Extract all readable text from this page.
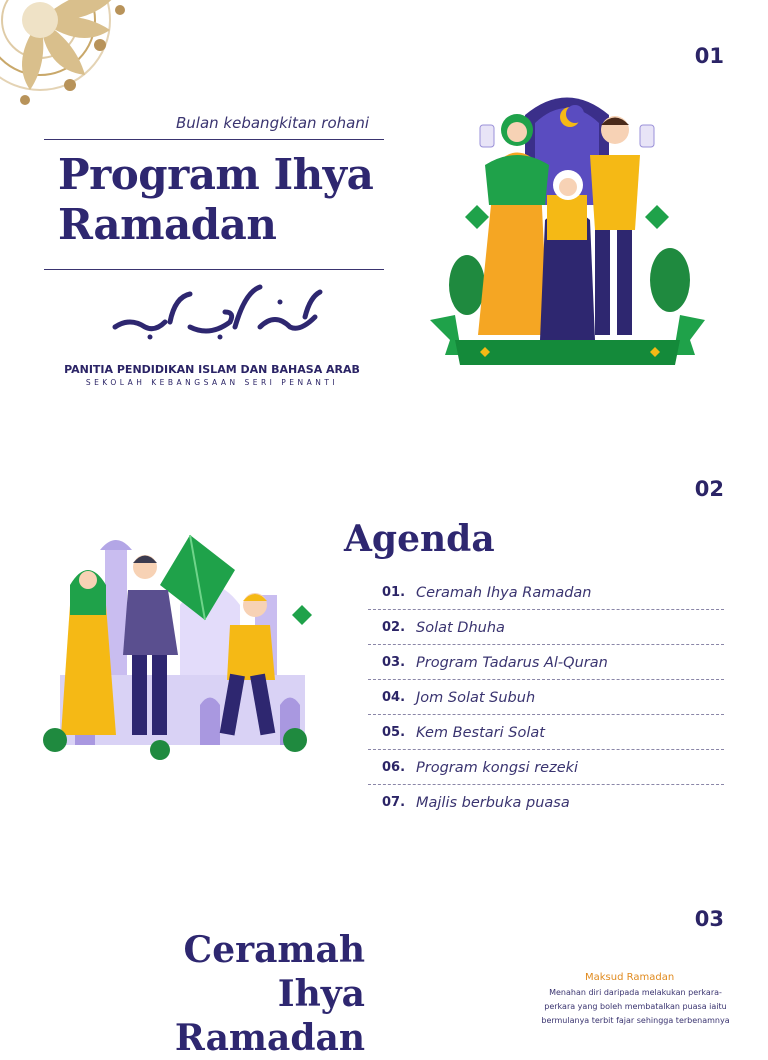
01
Bulan kebangkitan rohani
Program Ihya
Ramadan
PANITIA PENDIDIKAN ISLAM DAN BAHASA ARAB
SEKOLAH KEBANGSAAN SERI PENANTI
02
Agenda
01. Ceramah Ihya Ramadan
02. Solat Dhuha
03. Program Tadarus Al-Quran
04. Jom Solat Subuh
05. Kem Bestari Solat
06. Program kongsi rezeki
07. Majlis berbuka puasa
03
Ceramah Ihya
Ramadan
Maksud Ramadan
Menahan diri daripada melakukan perkara-perkara yang boleh membatalkan puasa iaitu bermulanya terbit fajar sehingga terbenamnya
